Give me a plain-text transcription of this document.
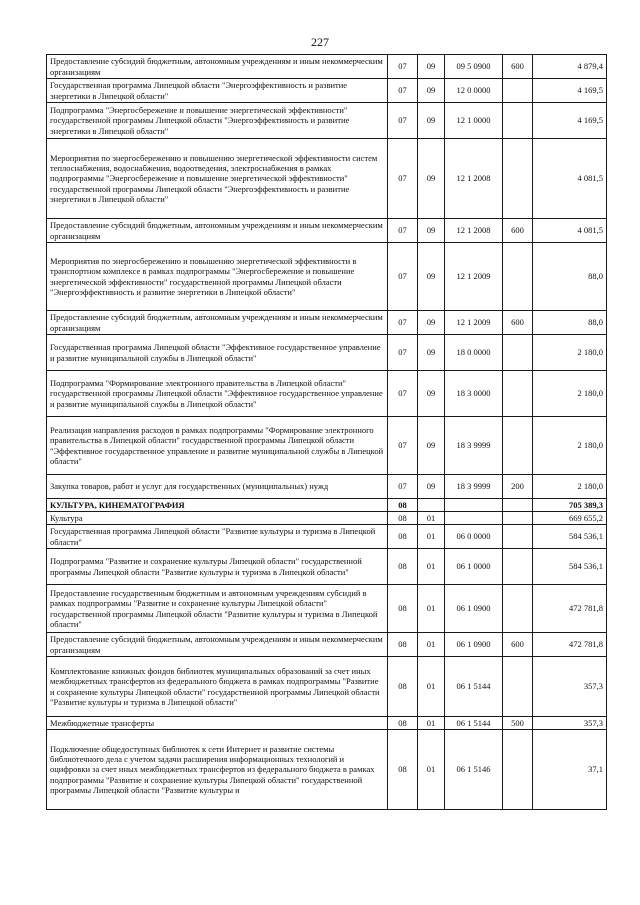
227
Предоставление субсидий бюджетным, автономным учреждениям и иным некоммерческим организациям	07	09	09 5 0900	600	4 879,4
Государственная программа Липецкой области "Энергоэффективность и развитие энергетики в Липецкой области"	07	09	12 0 0000		4 169,5
Подпрограмма "Энергосбережение и повышение энергетической эффективности" государственной программы Липецкой области "Энергоэффективность и развитие энергетики в Липецкой области"	07	09	12 1 0000		4 169,5
Мероприятия по энергосбережению и повышению энергетической эффективности систем теплоснабжения, водоснабжения, водоотведения, электроснабжения в рамках подпрограммы "Энергосбережение и повышение энергетической эффективности" государственной программы Липецкой области "Энергоэффективность и развитие энергетики в Липецкой области"	07	09	12 1 2008		4 081,5
Предоставление субсидий бюджетным, автономным учреждениям и иным некоммерческим организациям	07	09	12 1 2008	600	4 081,5
Мероприятия по энергосбережению и повышению энергетической эффективности в транспортном комплексе в рамках подпрограммы "Энергосбережение и повышение энергетической эффективности" государственной программы Липецкой области "Энергоэффективность и развитие энергетики в Липецкой области"	07	09	12 1 2009		88,0
Предоставление субсидий бюджетным, автономным учреждениям и иным некоммерческим организациям	07	09	12 1 2009	600	88,0
Государственная программа Липецкой области "Эффективное государственное управление и развитие муниципальной службы в Липецкой области"	07	09	18 0 0000		2 180,0
Подпрограмма "Формирование электронного правительства в Липецкой области" государственной программы Липецкой области "Эффективное государственное управление и развитие муниципальной службы в Липецкой области"	07	09	18 3 0000		2 180,0
Реализация направления расходов в рамках подпрограммы "Формирование электронного правительства в Липецкой области" государственной программы Липецкой области "Эффективное государственное управление и развитие муниципальной службы в Липецкой области"	07	09	18 3 9999		2 180,0
Закупка товаров, работ и услуг для государственных (муниципальных) нужд	07	09	18 3 9999	200	2 180,0
КУЛЬТУРА, КИНЕМАТОГРАФИЯ	08				705 389,3
Культура	08	01			669 655,2
Государственная программа Липецкой области "Развитие культуры и туризма в Липецкой области"	08	01	06 0 0000		584 536,1
Подпрограмма "Развитие и сохранение культуры Липецкой области" государственной программы Липецкой области "Развитие культуры и туризма в Липецкой области"	08	01	06 1 0000		584 536,1
Предоставление государственным бюджетным и автономным учреждениям субсидий в рамках подпрограммы "Развитие и сохранение культуры Липецкой области" государственной программы Липецкой области "Развитие культуры и туризма в Липецкой области"	08	01	06 1 0900		472 781,8
Предоставление субсидий бюджетным, автономным учреждениям и иным некоммерческим организациям	08	01	06 1 0900	600	472 781,8
Комплектование книжных фондов библиотек муниципальных образований за счет иных межбюджетных трансфертов из федерального бюджета в рамках подпрограммы "Развитие и сохранение культуры Липецкой области" государственной программы Липецкой области "Развитие культуры и туризма в Липецкой области"	08	01	06 1 5144		357,3
Межбюджетные трансферты	08	01	06 1 5144	500	357,3
Подключение общедоступных библиотек к сети Интернет и развитие системы библиотечного дела с учетом задачи расширения информационных технологий и оцифровки за счет иных межбюджетных трансфертов из федерального бюджета в рамках подпрограммы "Развитие и сохранение культуры Липецкой области" государственной программы Липецкой области "Развитие культуры и	08	01	06 1 5146		37,1
